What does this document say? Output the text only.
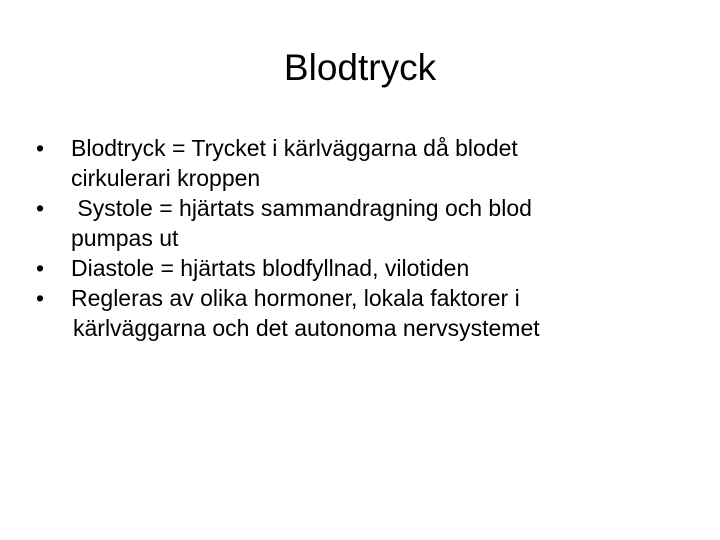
Blodtryck
•	Blodtryck = Trycket i kärlväggarna då blodet
cirkulerari kroppen
•	Systole = hjärtats sammandragning och blod
pumpas ut
•	Diastole = hjärtats blodfyllnad, vilotiden
•	Regleras av olika hormoner, lokala faktorer i
kärlväggarna och det autonoma nervsystemet
